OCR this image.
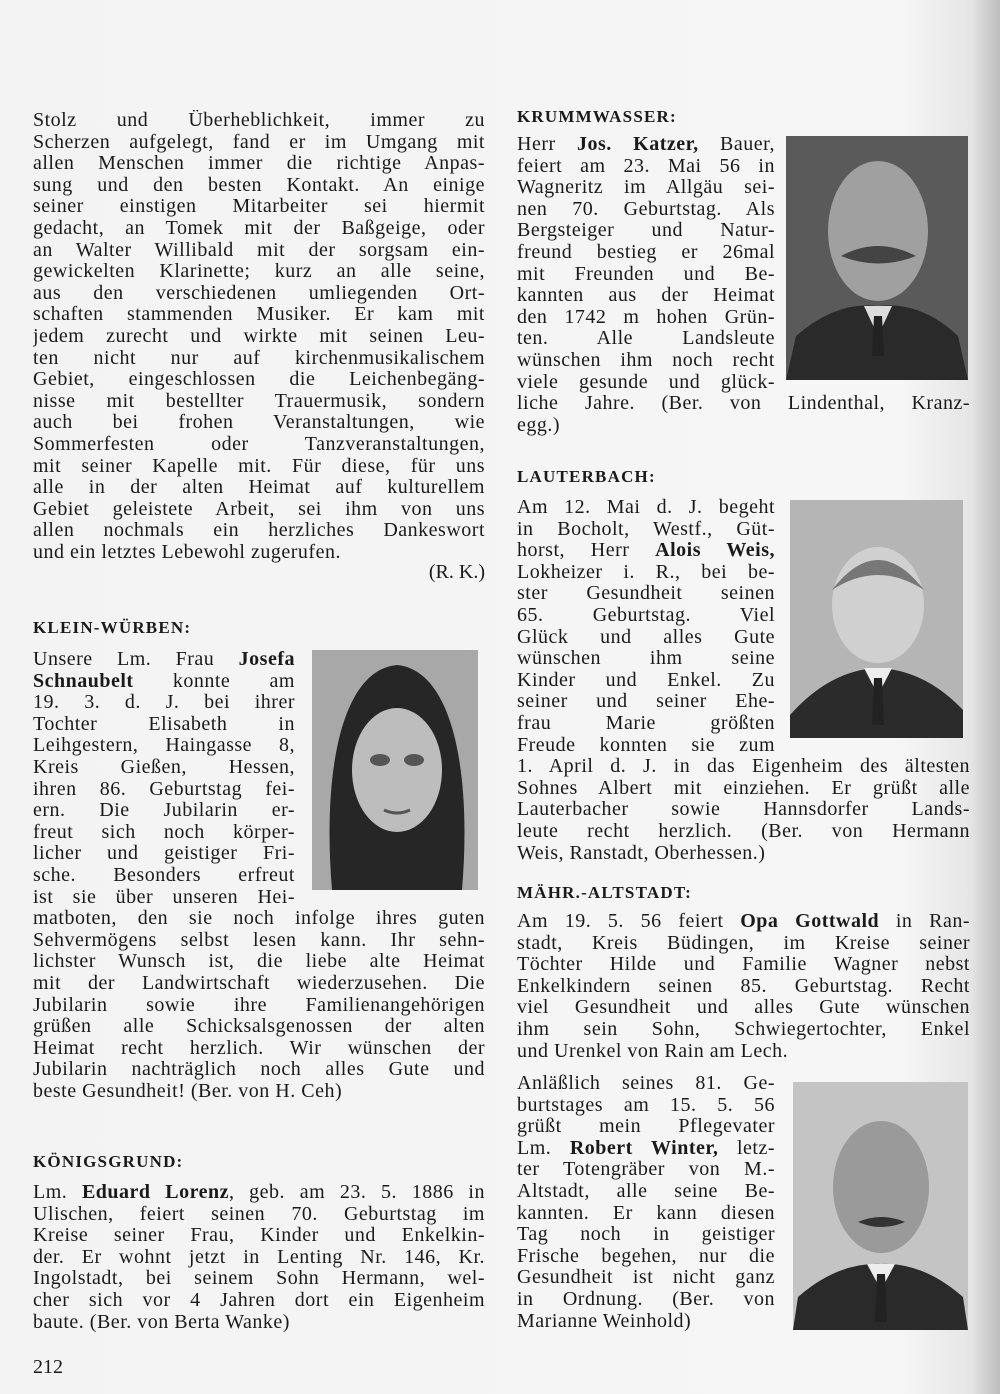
Stolz und Überheblichkeit, immer zu
Scherzen aufgelegt, fand er im Umgang mit
allen Menschen immer die richtige Anpas-
sung und den besten Kontakt. An einige
seiner einstigen Mitarbeiter sei hiermit
gedacht, an Tomek mit der Baßgeige, oder
an Walter Willibald mit der sorgsam ein-
gewickelten Klarinette; kurz an alle seine,
aus den verschiedenen umliegenden Ort-
schaften stammenden Musiker. Er kam mit
jedem zurecht und wirkte mit seinen Leu-
ten nicht nur auf kirchenmusikalischem
Gebiet, eingeschlossen die Leichenbegäng-
nisse mit bestellter Trauermusik, sondern
auch bei frohen Veranstaltungen, wie
Sommerfesten oder Tanzveranstaltungen,
mit seiner Kapelle mit. Für diese, für uns
alle in der alten Heimat auf kulturellem
Gebiet geleistete Arbeit, sei ihm von uns
allen nochmals ein herzliches Dankeswort
und ein letztes Lebewohl zugerufen.
(R. K.)
KLEIN-WÜRBEN:
Unsere Lm. Frau Josefa
Schnaubelt konnte am
19. 3. d. J. bei ihrer
Tochter Elisabeth in
Leihgestern, Haingasse 8,
Kreis Gießen, Hessen,
ihren 86. Geburtstag fei-
ern. Die Jubilarin er-
freut sich noch körper-
licher und geistiger Fri-
sche. Besonders erfreut
ist sie über unseren Hei-
matboten, den sie noch infolge ihres guten
Sehvermögens selbst lesen kann. Ihr sehn-
lichster Wunsch ist, die liebe alte Heimat
mit der Landwirtschaft wiederzusehen. Die
Jubilarin sowie ihre Familienangehörigen
grüßen alle Schicksalsgenossen der alten
Heimat recht herzlich. Wir wünschen der
Jubilarin nachträglich noch alles Gute und
beste Gesundheit! (Ber. von H. Ceh)
KÖNIGSGRUND:
Lm. Eduard Lorenz, geb. am 23. 5. 1886 in
Ulischen, feiert seinen 70. Geburtstag im
Kreise seiner Frau, Kinder und Enkelkin-
der. Er wohnt jetzt in Lenting Nr. 146, Kr.
Ingolstadt, bei seinem Sohn Hermann, wel-
cher sich vor 4 Jahren dort ein Eigenheim
baute. (Ber. von Berta Wanke)
212
KRUMMWASSER:
Herr Jos. Katzer, Bauer,
feiert am 23. Mai 56 in
Wagneritz im Allgäu sei-
nen 70. Geburtstag. Als
Bergsteiger und Natur-
freund bestieg er 26mal
mit Freunden und Be-
kannten aus der Heimat
den 1742 m hohen Grün-
ten. Alle Landsleute
wünschen ihm noch recht
viele gesunde und glück-
liche Jahre. (Ber. von Lindenthal, Kranz-
egg.)
LAUTERBACH:
Am 12. Mai d. J. begeht
in Bocholt, Westf., Güt-
horst, Herr Alois Weis,
Lokheizer i. R., bei be-
ster Gesundheit seinen
65. Geburtstag. Viel
Glück und alles Gute
wünschen ihm seine
Kinder und Enkel. Zu
seiner und seiner Ehe-
frau Marie größten
Freude konnten sie zum
1. April d. J. in das Eigenheim des ältesten
Sohnes Albert mit einziehen. Er grüßt alle
Lauterbacher sowie Hannsdorfer Lands-
leute recht herzlich. (Ber. von Hermann
Weis, Ranstadt, Oberhessen.)
MÄHR.-ALTSTADT:
Am 19. 5. 56 feiert Opa Gottwald in Ran-
stadt, Kreis Büdingen, im Kreise seiner
Töchter Hilde und Familie Wagner nebst
Enkelkindern seinen 85. Geburtstag. Recht
viel Gesundheit und alles Gute wünschen
ihm sein Sohn, Schwiegertochter, Enkel
und Urenkel von Rain am Lech.
Anläßlich seines 81. Ge-
burtstages am 15. 5. 56
grüßt mein Pflegevater
Lm. Robert Winter, letz-
ter Totengräber von M.-
Altstadt, alle seine Be-
kannten. Er kann diesen
Tag noch in geistiger
Frische begehen, nur die
Gesundheit ist nicht ganz
in Ordnung. (Ber. von
Marianne Weinhold)
